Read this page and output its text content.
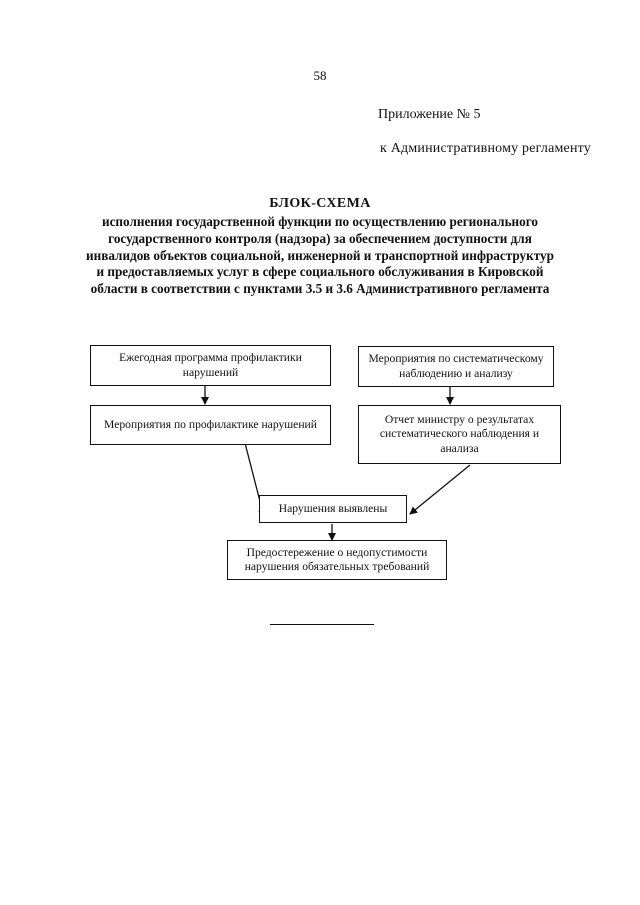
58
Приложение № 5
к Административному регламенту
БЛОК-СХЕМА
исполнения государственной функции по осуществлению регионального государственного контроля (надзора) за обеспечением доступности для инвалидов объектов социальной, инженерной и транспортной инфраструктур и предоставляемых услуг в сфере социального обслуживания в Кировской области в соответствии с пунктами 3.5 и 3.6 Административного регламента
Ежегодная программа профилактики нарушений
Мероприятия по профилактике нарушений
Мероприятия по систематическому наблюдению и анализу
Отчет министру о результатах систематического наблюдения и анализа
Нарушения выявлены
Предостережение о недопустимости нарушения обязательных требований
